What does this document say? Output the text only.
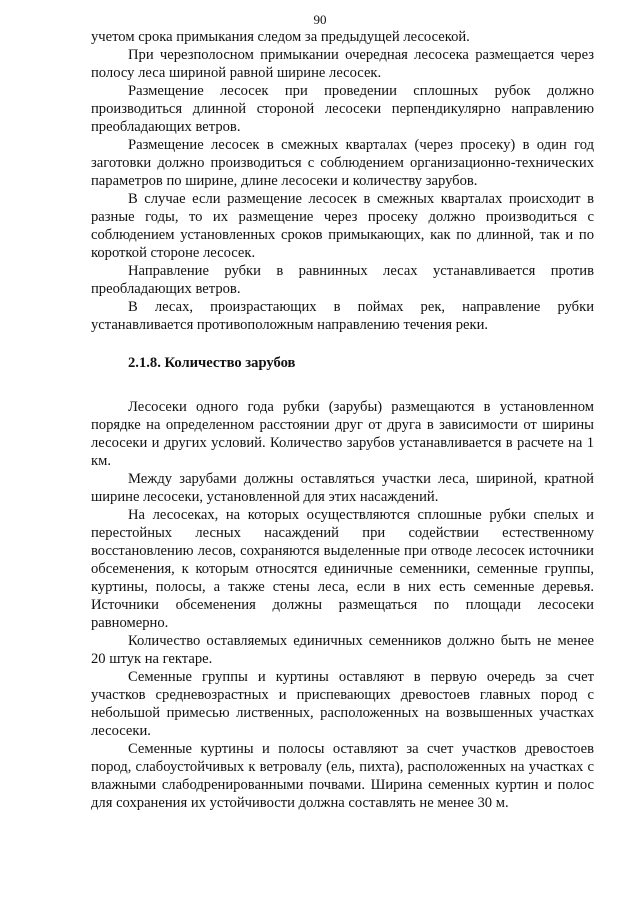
90

учетом срока примыкания следом за предыдущей лесосекой.

При черезполосном примыкании очередная лесосека размещается через полосу леса шириной равной ширине лесосек.

Размещение лесосек при проведении сплошных рубок должно производиться длинной стороной лесосеки перпендикулярно направлению преобладающих ветров.

Размещение лесосек в смежных кварталах (через просеку) в один год заготовки должно производиться с соблюдением организационно-технических параметров по ширине, длине лесосеки и количеству зарубов.

В случае если размещение лесосек в смежных кварталах происходит в разные годы, то их размещение через просеку должно производиться с соблюдением установленных сроков примыкающих, как по длинной, так и по короткой стороне лесосек.

Направление рубки в равнинных лесах устанавливается против преобладающих ветров.

В лесах, произрастающих в поймах рек, направление рубки устанавливается противоположным направлению течения реки.

2.1.8. Количество зарубов

Лесосеки одного года рубки (зарубы) размещаются в установленном порядке на определенном расстоянии друг от друга в зависимости от ширины лесосеки и других условий. Количество зарубов устанавливается в расчете на 1 км.

Между зарубами должны оставляться участки леса, шириной, кратной ширине лесосеки, установленной для этих насаждений.

На лесосеках, на которых осуществляются сплошные рубки спелых и перестойных лесных насаждений при содействии естественному восстановлению лесов, сохраняются выделенные при отводе лесосек источники обсеменения, к которым относятся единичные семенники, семенные группы, куртины, полосы, а также стены леса, если в них есть семенные деревья. Источники обсеменения должны размещаться по площади лесосеки равномерно.

Количество оставляемых единичных семенников должно быть не менее 20 штук на гектаре.

Семенные группы и куртины оставляют в первую очередь за счет участков средневозрастных и приспевающих древостоев главных пород с небольшой примесью лиственных, расположенных на возвышенных участках лесосеки.

Семенные куртины и полосы оставляют за счет участков древостоев пород, слабоустойчивых к ветровалу (ель, пихта), расположенных на участках с влажными слабодренированными почвами. Ширина семенных куртин и полос для сохранения их устойчивости должна составлять не менее 30 м.
